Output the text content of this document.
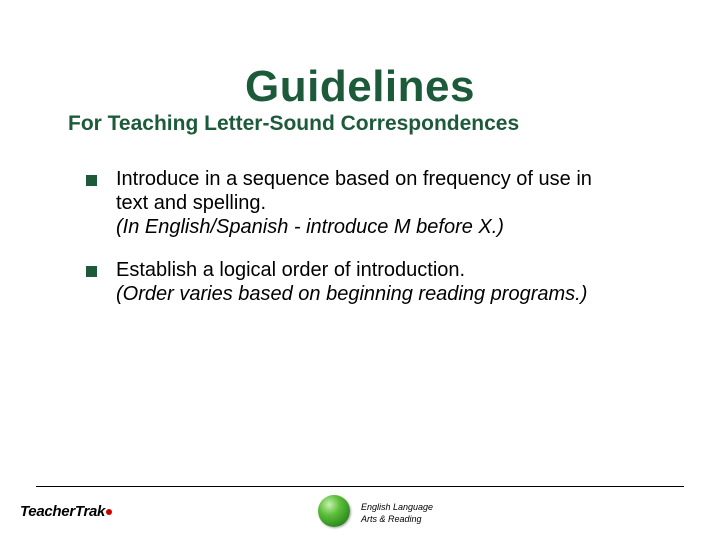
Guidelines
For Teaching Letter-Sound Correspondences
Introduce in a sequence based on frequency of use in
text and spelling.
(In English/Spanish - introduce M before X.)
Establish a logical order of introduction.
(Order varies based on beginning reading programs.)
TeacherTrak	English Language
Arts & Reading
